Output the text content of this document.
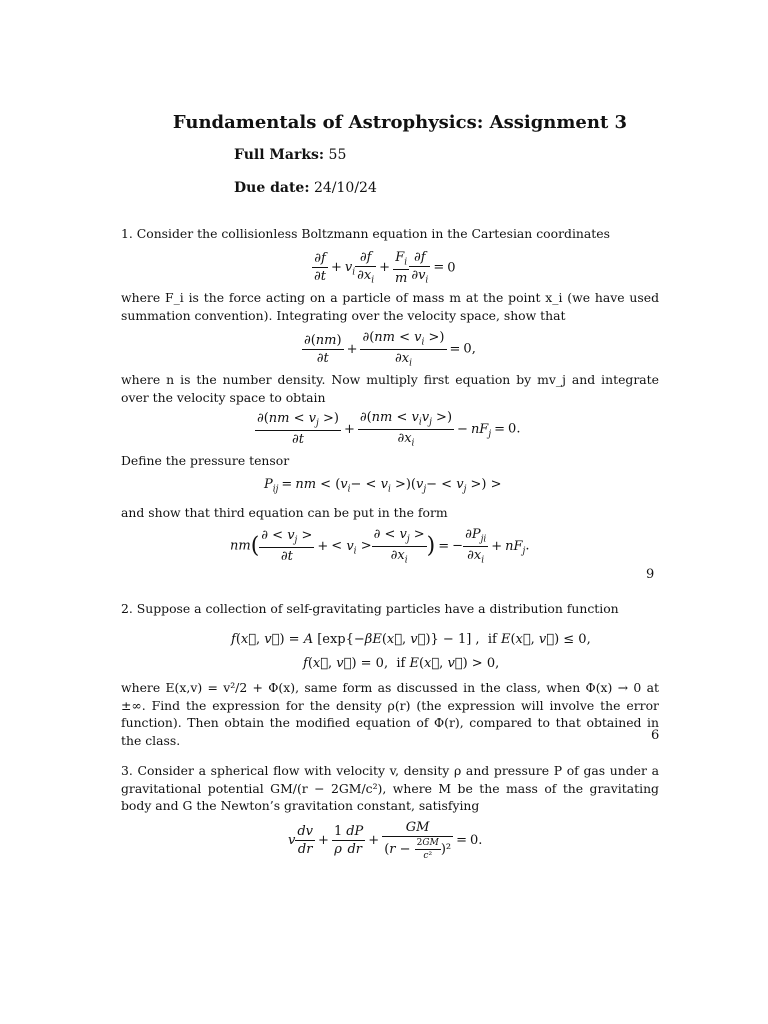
Fundamentals of Astrophysics: Assignment 3
Full Marks: 55
Due date: 24/10/24
1. Consider the collisionless Boltzmann equation in the Cartesian coordinates
$\frac{\partial f}{\partial t} + v_i \frac{\partial f}{\partial x_i} + \frac{F_i}{m} \frac{\partial f}{\partial v_i} = 0$
where F_i is the force acting on a particle of mass m at the point x_i (we have used summation convention). Integrating over the velocity space, show that
$\frac{\partial(nm)}{\partial t} + \frac{\partial(nm < v_i >)}{\partial x_i} = 0$,
where n is the number density. Now multiply first equation by mv_j and integrate over the velocity space to obtain
$\frac{\partial(nm < v_j >)}{\partial t} + \frac{\partial(nm < v_iv_j >)}{\partial x_i} - nF_j = 0$.
Define the pressure tensor
$P_{ij}$ = nm < $(v_i- < v_i >)(v_j- < v_j$ >) >
and show that third equation can be put in the form
$nm( \frac{\partial < v_j >}{\partial t}$ + < $v_i > \frac{\partial < v_j >}{\partial x_i}$ ) = − $\frac{\partial P_{ji}}{\partial x_i} + nF_j$.
9
2. Suppose a collection of self-gravitating particles have a distribution function
f(x⃗, v⃗) = A [exp{−βE(x⃗, v⃗)} − 1] ,  if E(x⃗, v⃗) ≤ 0,
f(x⃗, v⃗) = 0,  if E(x⃗, v⃗) > 0,
where E(x,v) = v²/2 + Φ(x), same form as discussed in the class, when Φ(x) → 0 at ±∞. Find the expression for the density ρ(r) (the expression will involve the error function). Then obtain the modified equation of Φ(r), compared to that obtained in the class.	6
3. Consider a spherical flow with velocity v, density ρ and pressure P of gas under a gravitational potential GM/(r − 2GM/c²), where M be the mass of the gravitating body and G the Newton’s gravitation constant, satisfying
v $\frac{dv}{dr} + \frac{1}{\rho} \frac{dP}{dr} + \frac{GM}{(r - \frac{2GM}{\text{c²}} )^2} = 0$.
